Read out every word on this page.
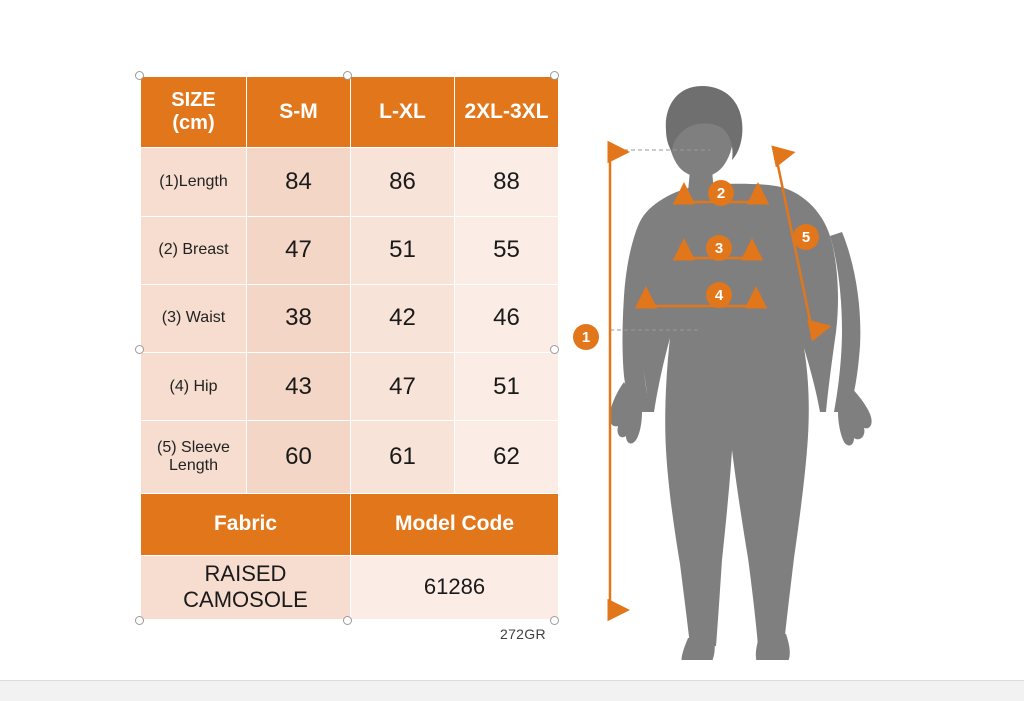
SIZE
(cm)	S-M	L-XL	2XL-3XL
(1)Length	84	86	88
(2) Breast	47	51	55
(3) Waist	38	42	46
(4) Hip	43	47	51
(5) Sleeve Length	60	61	62
Fabric		Model Code	
RAISED CAMOSOLE		61286	
272GR
1
2
3
4
5
